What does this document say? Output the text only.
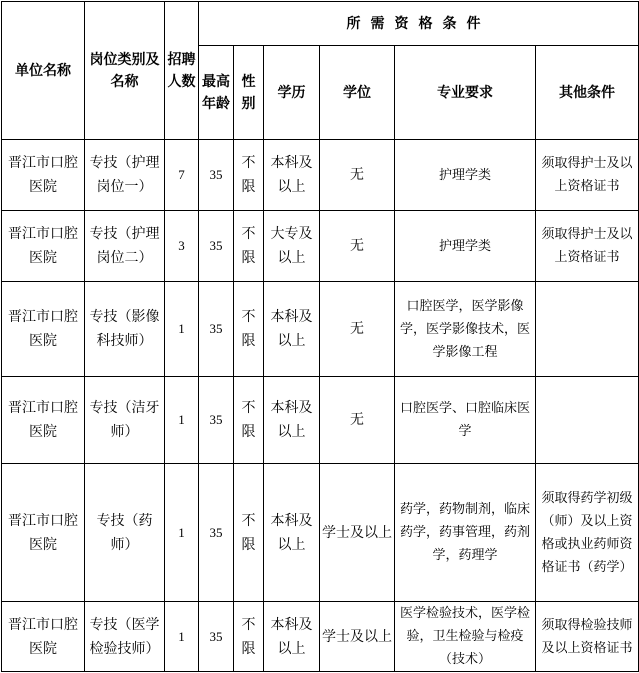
单位名称	岗位类别及名称	招聘人数	所需资格条件					
			最高年龄	性别	学历	学位	专业要求	其他条件
晋江市口腔医院	专技（护理岗位一）	7	35	不限	本科及以上	无	护理学类	须取得护士及以上资格证书
晋江市口腔医院	专技（护理岗位二）	3	35	不限	大专及以上	无	护理学类	须取得护士及以上资格证书
晋江市口腔医院	专技（影像科技师）	1	35	不限	本科及以上	无	口腔医学，医学影像学，医学影像技术，医学影像工程	
晋江市口腔医院	专技（洁牙师）	1	35	不限	本科及以上	无	口腔医学、口腔临床医学	
晋江市口腔医院	专技（药师）	1	35	不限	本科及以上	学士及以上	药学，药物制剂，临床药学，药事管理，药剂学，药理学	须取得药学初级（师）及以上资格或执业药师资格证书（药学）
晋江市口腔医院	专技（医学检验技师）	1	35	不限	本科及以上	学士及以上	医学检验技术，医学检验，卫生检验与检疫（技术）	须取得检验技师及以上资格证书
